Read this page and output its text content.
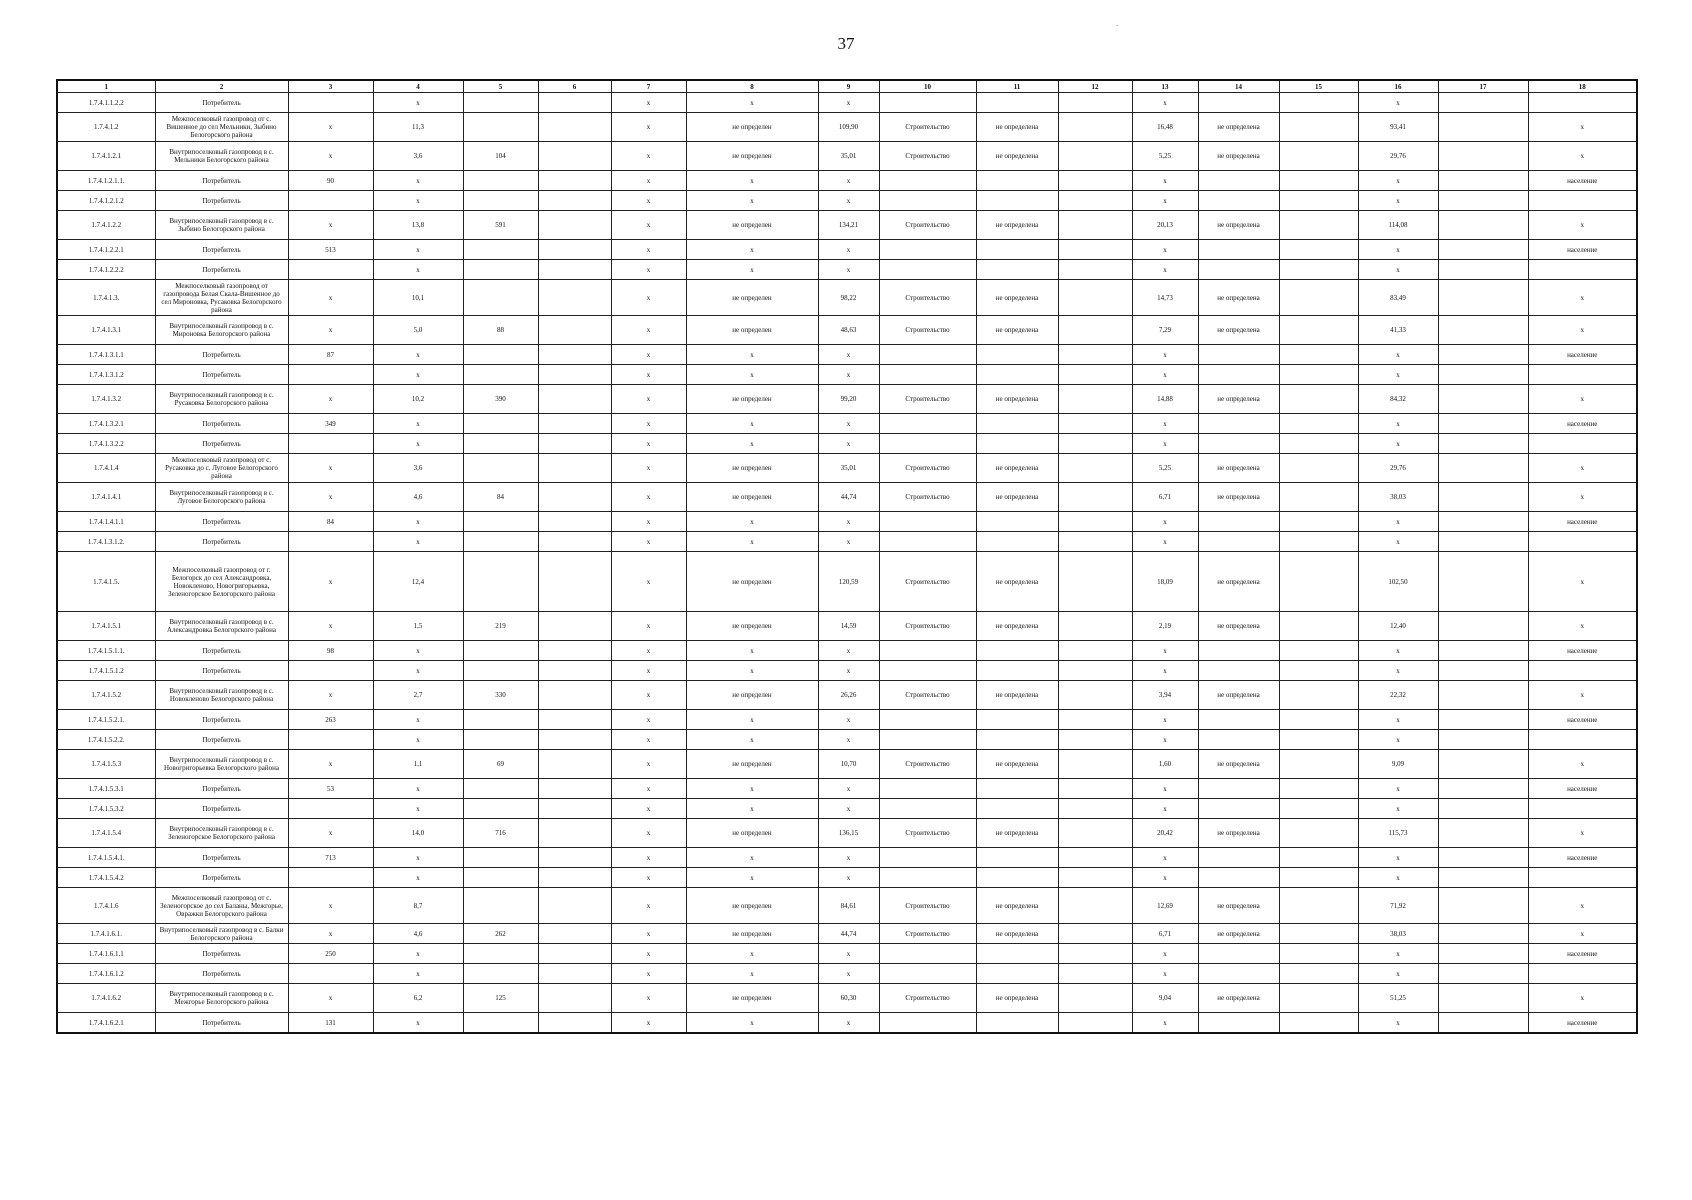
37
.
1	2	3	4	5	6	7	8	9	10	11	12	13	14	15	16	17	18
1.7.4.1.1.2.2	Потребитель		x			x	x	x				x			x		
1.7.4.1.2	Межпоселковый газопровод от с. Вишенное до сел Мельники, Зыбино Белогорского района	x	11,3			x	не определен	109,90	Строительство	не определена		16,48	не определена		93,41		x
1.7.4.1.2.1	Внутрипоселковый газопровод в с. Мельники Белогорского района	x	3,6	104		x	не определен	35,01	Строительство	не определена		5,25	не определена		29,76		x
1.7.4.1.2.1.1.	Потребитель	90	x			x	x	x				x			x		население
1.7.4.1.2.1.2	Потребитель		x			x	x	x				x			x		
1.7.4.1.2.2	Внутрипоселковый газопровод в с. Зыбино Белогорского района	x	13,8	591		x	не определен	134,21	Строительство	не определена		20,13	не определена		114,08		x
1.7.4.1.2.2.1	Потребитель	513	x			x	x	x				x			x		население
1.7.4.1.2.2.2	Потребитель		x			x	x	x				x			x		
1.7.4.1.3.	Межпоселковый газопровод от газопровода Белая Скала-Вишенное до сел Мироновка, Русаковка Белогорского района	x	10,1			x	не определен	98,22	Строительство	не определена		14,73	не определена		83,49		x
1.7.4.1.3.1	Внутрипоселковый газопровод в с. Мироновка Белогорского района	x	5,0	88		x	не определен	48,63	Строительство	не определена		7,29	не определена		41,33		x
1.7.4.1.3.1.1	Потребитель	87	x			x	x	x				x			x		население
1.7.4.1.3.1.2	Потребитель		x			x	x	x				x			x		
1.7.4.1.3.2	Внутрипоселковый газопровод в с. Русаковка Белогорского района	x	10,2	390		x	не определен	99,20	Строительство	не определена		14,88	не определена		84,32		x
1.7.4.1.3.2.1	Потребитель	349	x			x	x	x				x			x		население
1.7.4.1.3.2.2	Потребитель		x			x	x	x				x			x		
1.7.4.1.4	Межпоселковый газопровод от с. Русаковка до с. Луговое Белогорского района	x	3,6			x	не определен	35,01	Строительство	не определена		5,25	не определена		29,76		x
1.7.4.1.4.1	Внутрипоселковый газопровод в с. Луговое Белогорского района	x	4,6	84		x	не определен	44,74	Строительство	не определена		6,71	не определена		38,03		x
1.7.4.1.4.1.1	Потребитель	84	x			x	x	x				x			x		население
1.7.4.1.3.1.2.	Потребитель		x			x	x	x				x			x		
1.7.4.1.5.	Межпоселковый газопровод от г. Белогорск до сел Александровка, Новокленово, Новогригорьевка, Зеленогорское Белогорского района	x	12,4			x	не определен	120,59	Строительство	не определена		18,09	не определена		102,50		x
1.7.4.1.5.1	Внутрипоселковый газопровод в с. Александровка Белогорского района	x	1,5	219		x	не определен	14,59	Строительство	не определена		2,19	не определена		12,40		x
1.7.4.1.5.1.1.	Потребитель	98	x			x	x	x				x			x		население
1.7.4.1.5.1.2	Потребитель		x			x	x	x				x			x		
1.7.4.1.5.2	Внутрипоселковый газопровод в с. Новокленово Белогорского района	x	2,7	330		x	не определен	26,26	Строительство	не определена		3,94	не определена		22,32		x
1.7.4.1.5.2.1.	Потребитель	263	x			x	x	x				x			x		население
1.7.4.1.5.2.2.	Потребитель		x			x	x	x				x			x		
1.7.4.1.5.3	Внутрипоселковый газопровод в с. Новогригорьевка Белогорского района	x	1,1	69		x	не определен	10,70	Строительство	не определена		1,60	не определена		9,09		x
1.7.4.1.5.3.1	Потребитель	53	x			x	x	x				x			x		население
1.7.4.1.5.3.2	Потребитель		x			x	x	x				x			x		
1.7.4.1.5.4	Внутрипоселковый газопровод в с. Зеленогорское Белогорского района	x	14,0	716		x	не определен	136,15	Строительство	не определена		20,42	не определена		115,73		x
1.7.4.1.5.4.1.	Потребитель	713	x			x	x	x				x			x		население
1.7.4.1.5.4.2	Потребитель		x			x	x	x				x			x		
1.7.4.1.6	Межпоселковый газопровод от с. Зеленогорское до сел Баланы, Межгорье, Овражки Белогорского района	x	8,7			x	не определен	84,61	Строительство	не определена		12,69	не определена		71,92		x
1.7.4.1.6.1.	Внутрипоселковый газопровод в с. Балки Белогорского района	x	4,6	262		x	не определен	44,74	Строительство	не определена		6,71	не определена		38,03		x
1.7.4.1.6.1.1	Потребитель	250	x			x	x	x				x			x		население
1.7.4.1.6.1.2	Потребитель		x			x	x	x				x			x		
1.7.4.1.6.2	Внутрипоселковый газопровод в с. Межгорье Белогорского района	x	6,2	125		x	не определен	60,30	Строительство	не определена		9,04	не определена		51,25		x
1.7.4.1.6.2.1	Потребитель	131	x			x	x	x				x			x		население
